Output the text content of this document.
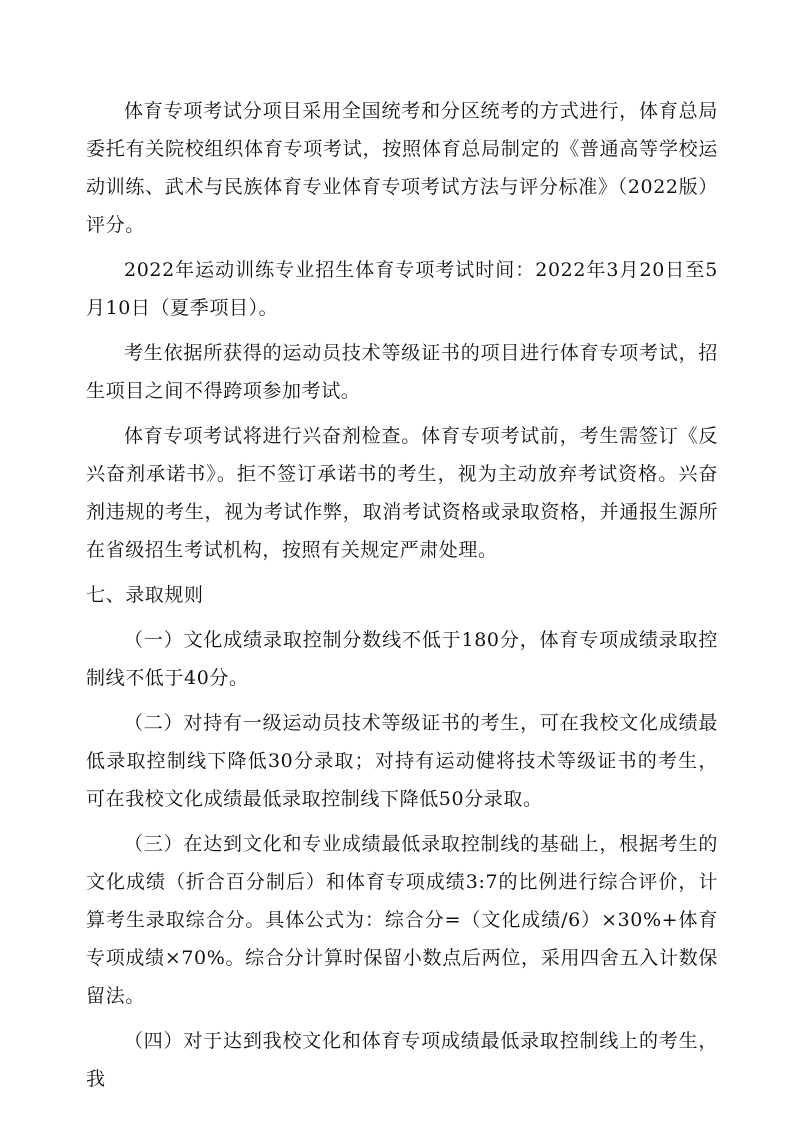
体育专项考试分项目采用全国统考和分区统考的方式进行，体育总局委托有关院校组织体育专项考试，按照体育总局制定的《普通高等学校运动训练、武术与民族体育专业体育专项考试方法与评分标准》（2022版）评分。

2022年运动训练专业招生体育专项考试时间：2022年3月20日至5月10日（夏季项目）。

考生依据所获得的运动员技术等级证书的项目进行体育专项考试，招生项目之间不得跨项参加考试。

体育专项考试将进行兴奋剂检查。体育专项考试前，考生需签订《反兴奋剂承诺书》。拒不签订承诺书的考生，视为主动放弃考试资格。兴奋剂违规的考生，视为考试作弊，取消考试资格或录取资格，并通报生源所在省级招生考试机构，按照有关规定严肃处理。

七、录取规则

（一）文化成绩录取控制分数线不低于180分，体育专项成绩录取控制线不低于40分。

（二）对持有一级运动员技术等级证书的考生，可在我校文化成绩最低录取控制线下降低30分录取；对持有运动健将技术等级证书的考生，可在我校文化成绩最低录取控制线下降低50分录取。

（三）在达到文化和专业成绩最低录取控制线的基础上，根据考生的文化成绩（折合百分制后）和体育专项成绩3:7的比例进行综合评价，计算考生录取综合分。具体公式为：综合分=（文化成绩/6）×30%+体育专项成绩×70%。综合分计算时保留小数点后两位，采用四舍五入计数保留法。

（四）对于达到我校文化和体育专项成绩最低录取控制线上的考生，我
